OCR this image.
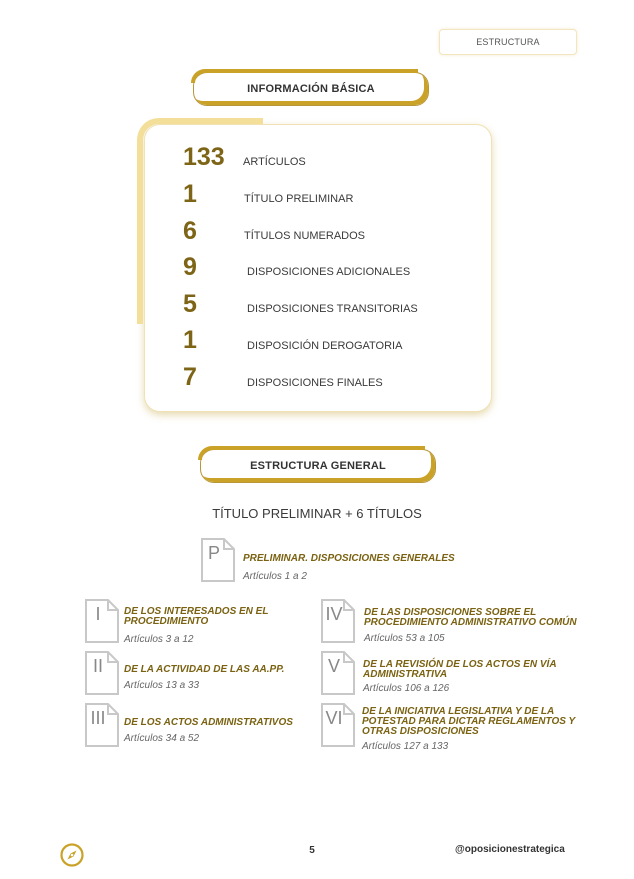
ESTRUCTURA
INFORMACIÓN BÁSICA
133 ARTÍCULOS
1	TÍTULO PRELIMINAR
6	TÍTULOS NUMERADOS
9	DISPOSICIONES ADICIONALES
5	DISPOSICIONES TRANSITORIAS
1	DISPOSICIÓN DEROGATORIA
7	DISPOSICIONES FINALES
ESTRUCTURA GENERAL
TÍTULO PRELIMINAR + 6 TÍTULOS
P	PRELIMINAR. DISPOSICIONES GENERALES
Artículos 1 a 2
I	DE LOS INTERESADOS EN EL PROCEDIMIENTO
Artículos 3 a 12
II	DE LA ACTIVIDAD DE LAS AA.PP.
Artículos 13 a 33
III	DE LOS ACTOS ADMINISTRATIVOS
Artículos 34 a 52
IV	DE LAS DISPOSICIONES SOBRE EL PROCEDIMIENTO ADMINISTRATIVO COMÚN
Artículos 53 a 105
V	DE LA REVISIÓN DE LOS ACTOS EN VÍA ADMINISTRATIVA
Artículos 106 a 126
VI	DE LA INICIATIVA LEGISLATIVA Y DE LA POTESTAD PARA DICTAR REGLAMENTOS Y OTRAS DISPOSICIONES
Artículos 127 a 133
5	@oposicionestrategica
